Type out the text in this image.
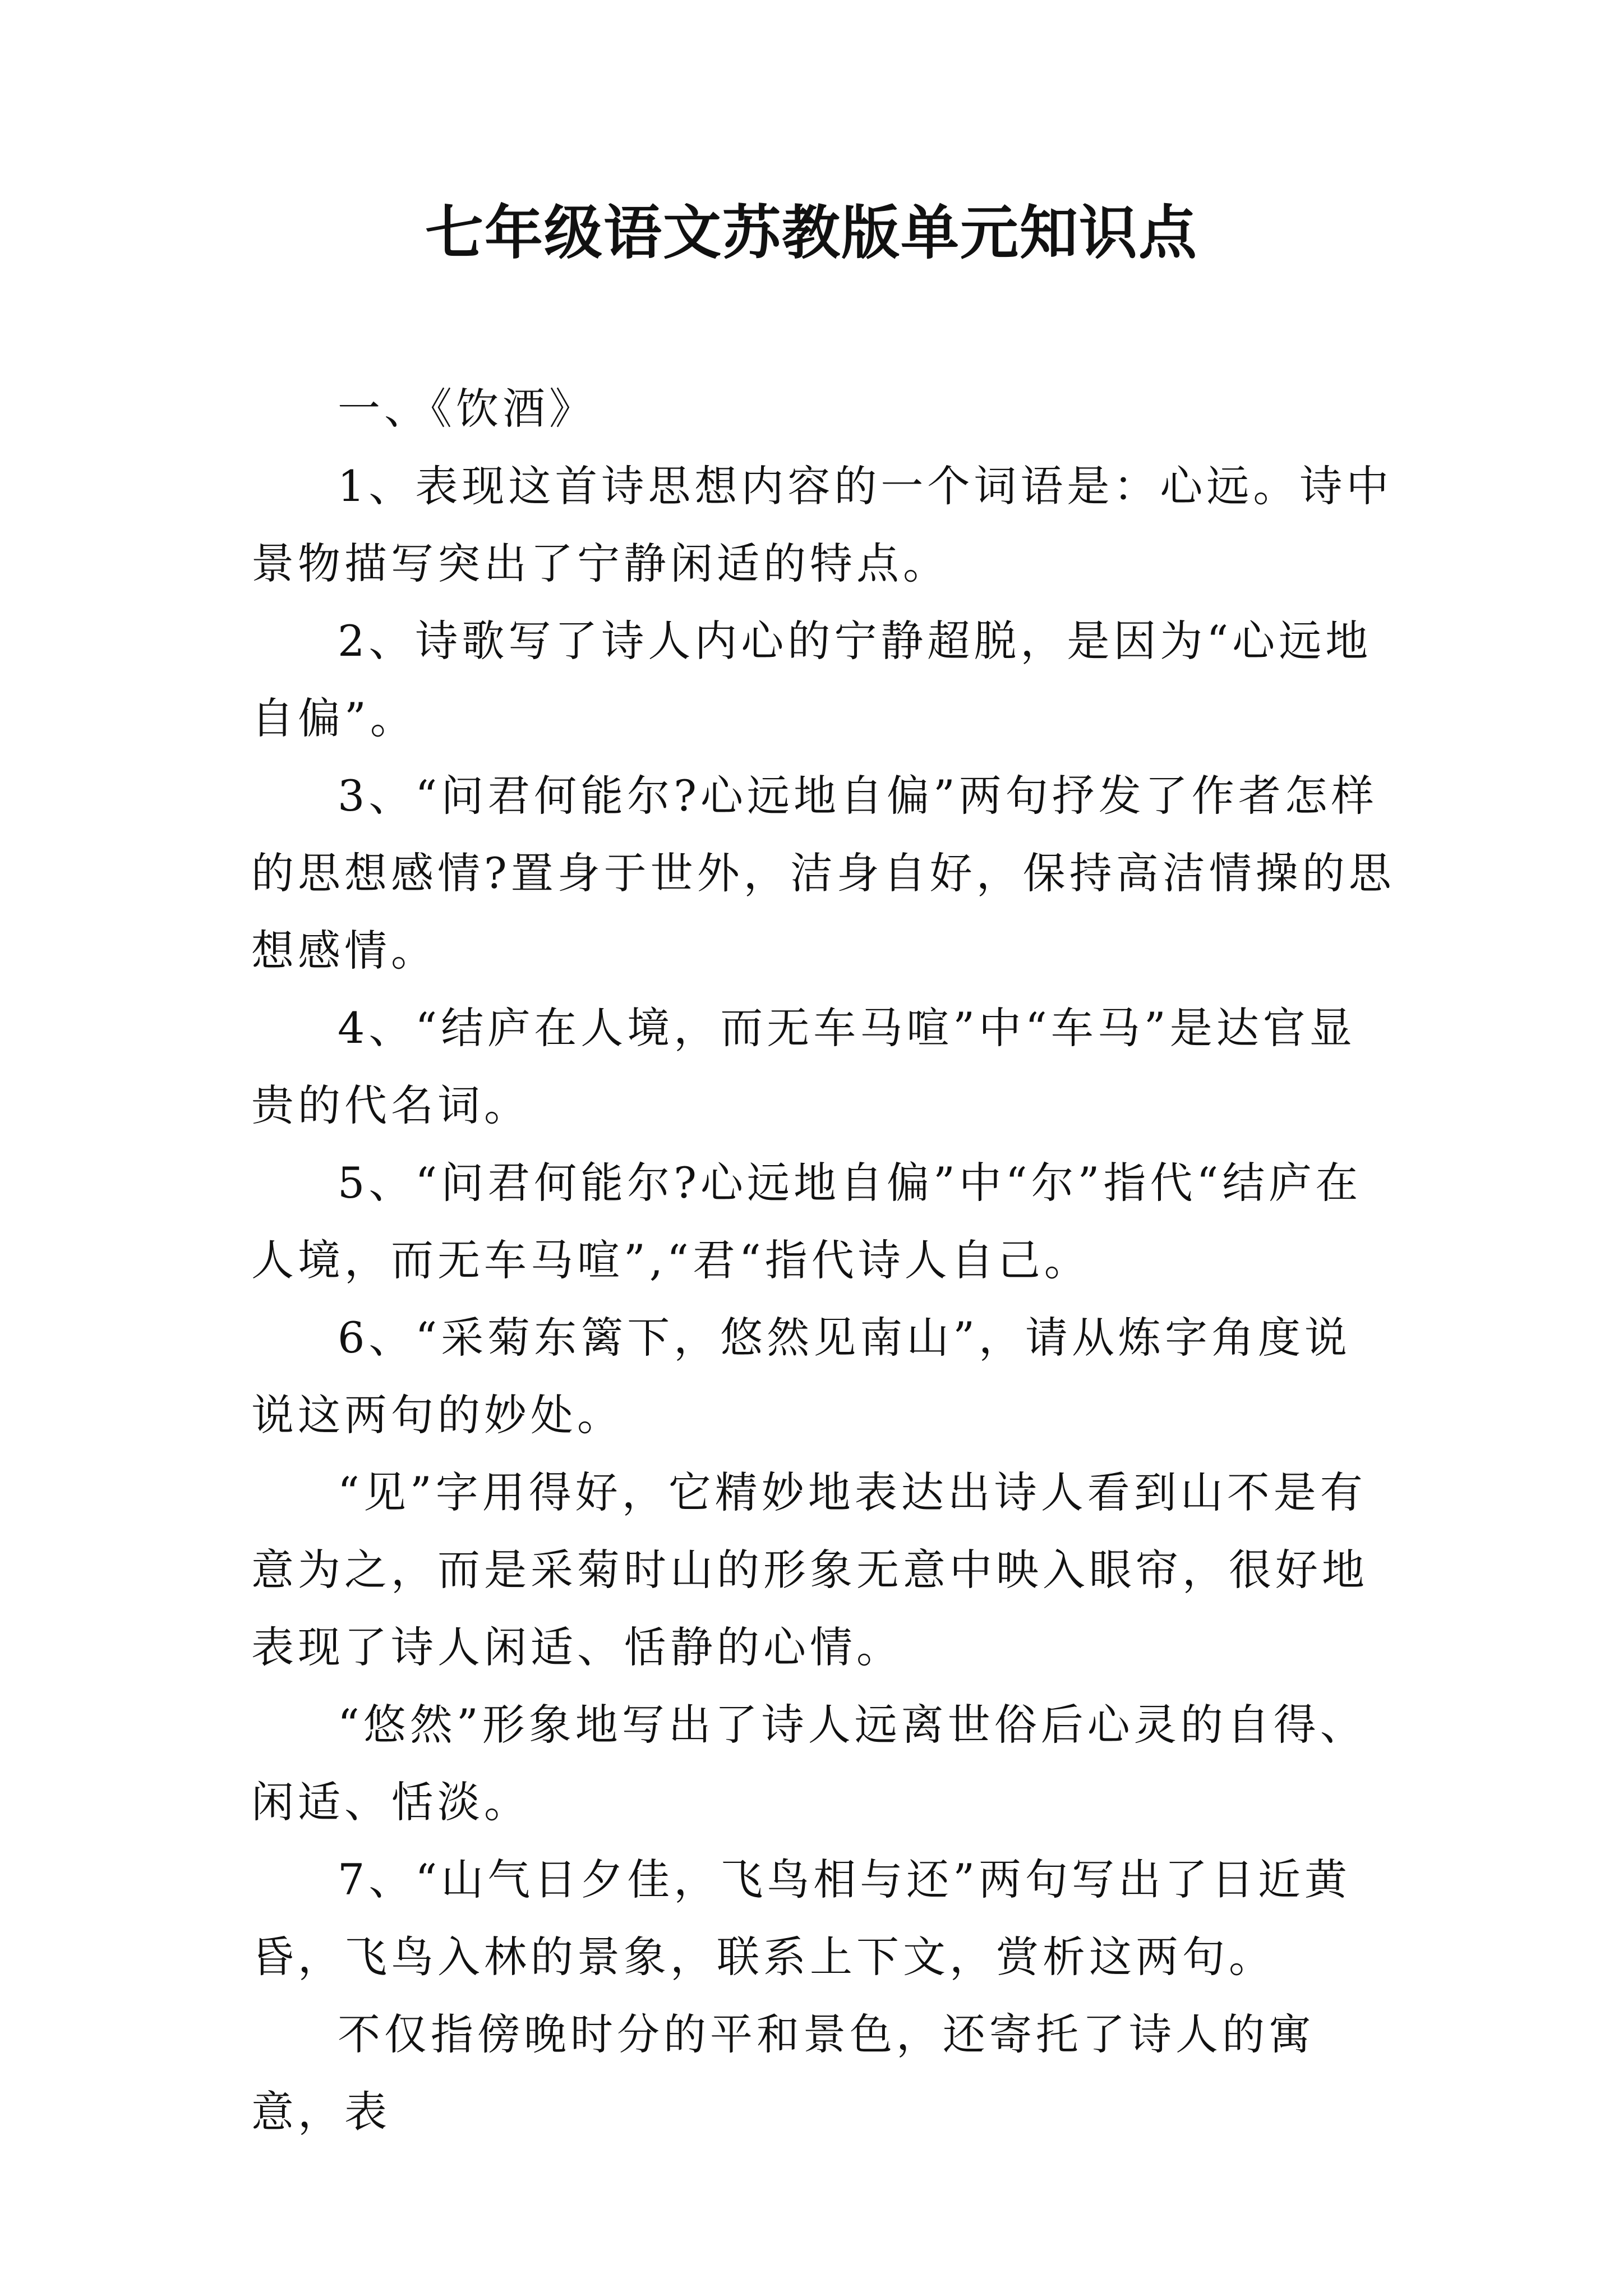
七年级语文苏教版单元知识点

一、《饮酒》

1、表现这首诗思想内容的一个词语是：心远。诗中景物描写突出了宁静闲适的特点。

2、诗歌写了诗人内心的宁静超脱，是因为“心远地自偏”。

3、“问君何能尔?心远地自偏”两句抒发了作者怎样的思想感情?置身于世外，洁身自好，保持高洁情操的思想感情。

4、“结庐在人境，而无车马喧”中“车马”是达官显贵的代名词。

5、“问君何能尔?心远地自偏”中“尔”指代“结庐在人境，而无车马喧”,“君“指代诗人自己。

6、“采菊东篱下，悠然见南山”，请从炼字角度说说这两句的妙处。

“见”字用得好，它精妙地表达出诗人看到山不是有意为之，而是采菊时山的形象无意中映入眼帘，很好地表现了诗人闲适、恬静的心情。

“悠然”形象地写出了诗人远离世俗后心灵的自得、闲适、恬淡。

7、“山气日夕佳，飞鸟相与还”两句写出了日近黄昏，飞鸟入林的景象，联系上下文，赏析这两句。

不仅指傍晚时分的平和景色，还寄托了诗人的寓意，表
